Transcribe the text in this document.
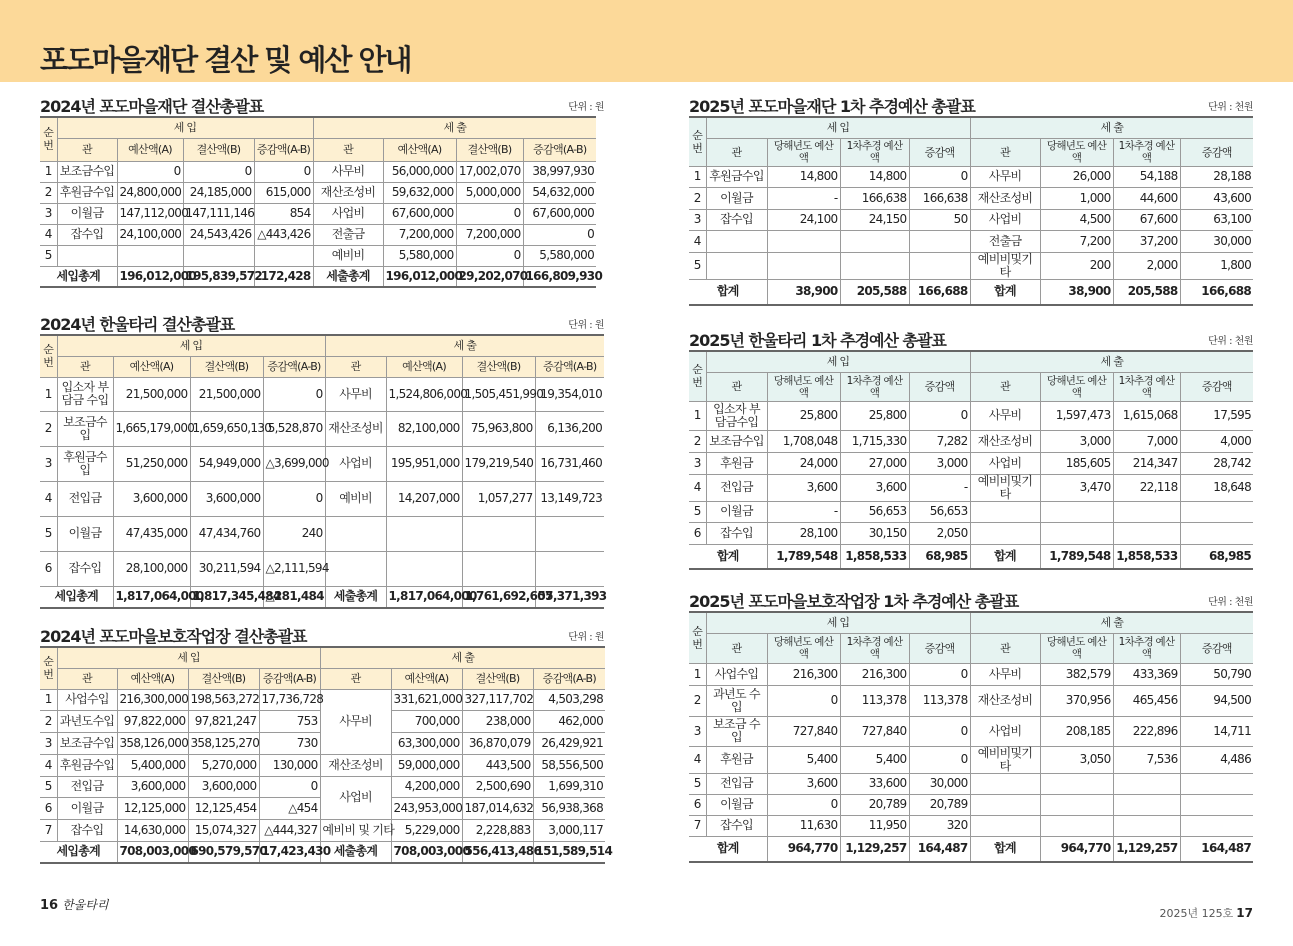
포도마을재단 결산 및 예산 안내
2024년 포도마을재단 결산총괄표	단위 : 원
순번	세 입				세 출			
	관	예산액(A)	결산액(B)	증감액(A-B)	관	예산액(A)	결산액(B)	증감액(A-B)
1	보조금수입	0	0	0	사무비	56,000,000	17,002,070	38,997,930
2	후원금수입	24,800,000	24,185,000	615,000	재산조성비	59,632,000	5,000,000	54,632,000
3	이월금	147,112,000	147,111,146	854	사업비	67,600,000	0	67,600,000
4	잡수입	24,100,000	24,543,426	△443,426	전출금	7,200,000	7,200,000	0
5					예비비	5,580,000	0	5,580,000
세입총계		196,012,000	195,839,572	172,428	세출총계	196,012,000	29,202,070	166,809,930
2024년 한울타리 결산총괄표	단위 : 원
순번	세 입				세 출			
	관	예산액(A)	결산액(B)	증감액(A-B)	관	예산액(A)	결산액(B)	증감액(A-B)
1	입소자 부담금 수입	21,500,000	21,500,000	0	사무비	1,524,806,000	1,505,451,990	19,354,010
2	보조금수입	1,665,179,000	1,659,650,130	5,528,870	재산조성비	82,100,000	75,963,800	6,136,200
3	후원금수입	51,250,000	54,949,000	△3,699,000	사업비	195,951,000	179,219,540	16,731,460
4	전입금	3,600,000	3,600,000	0	예비비	14,207,000	1,057,277	13,149,723
5	이월금	47,435,000	47,434,760	240				
6	잡수입	28,100,000	30,211,594	△2,111,594				
세입총계		1,817,064,000	1,817,345,484	△281,484	세출총계	1,817,064,000	1,761,692,607	55,371,393
2024년 포도마을보호작업장 결산총괄표	단위 : 원
순번	세 입				세 출			
	관	예산액(A)	결산액(B)	증감액(A-B)	관	예산액(A)	결산액(B)	증감액(A-B)
1	사업수입	216,300,000	198,563,272	17,736,728	사무비	331,621,000	327,117,702	4,503,298
2	과년도수입	97,822,000	97,821,247	753		700,000	238,000	462,000
3	보조금수입	358,126,000	358,125,270	730		63,300,000	36,870,079	26,429,921
4	후원금수입	5,400,000	5,270,000	130,000	재산조성비	59,000,000	443,500	58,556,500
5	전입금	3,600,000	3,600,000	0	사업비	4,200,000	2,500,690	1,699,310
6	이월금	12,125,000	12,125,454	△454		243,953,000	187,014,632	56,938,368
7	잡수입	14,630,000	15,074,327	△444,327	예비비 및 기타	5,229,000	2,228,883	3,000,117
세입총계		708,003,000	690,579,570	17,423,430	세출총계	708,003,000	556,413,486	151,589,514
2025년 포도마을재단 1차 추경예산 총괄표	단위 : 천원
순번	세 입				세 출			
	관	당해년도 예산액	1차추경 예산액	증감액	관	당해년도 예산액	1차추경 예산액	증감액
1	후원금수입	14,800	14,800	0	사무비	26,000	54,188	28,188
2	이월금	-	166,638	166,638	재산조성비	1,000	44,600	43,600
3	잡수입	24,100	24,150	50	사업비	4,500	67,600	63,100
4					전출금	7,200	37,200	30,000
5					예비비및기타	200	2,000	1,800
합계		38,900	205,588	166,688	합계	38,900	205,588	166,688
2025년 한울타리 1차 추경예산 총괄표	단위 : 천원
순번	세 입				세 출			
	관	당해년도 예산액	1차추경 예산액	증감액	관	당해년도 예산액	1차추경 예산액	증감액
1	입소자 부담금수입	25,800	25,800	0	사무비	1,597,473	1,615,068	17,595
2	보조금수입	1,708,048	1,715,330	7,282	재산조성비	3,000	7,000	4,000
3	후원금	24,000	27,000	3,000	사업비	185,605	214,347	28,742
4	전입금	3,600	3,600	-	예비비및기타	3,470	22,118	18,648
5	이월금	-	56,653	56,653				
6	잡수입	28,100	30,150	2,050				
합계		1,789,548	1,858,533	68,985	합계	1,789,548	1,858,533	68,985
2025년 포도마을보호작업장 1차 추경예산 총괄표	단위 : 천원
순번	세 입				세 출			
	관	당해년도 예산액	1차추경 예산액	증감액	관	당해년도 예산액	1차추경 예산액	증감액
1	사업수입	216,300	216,300	0	사무비	382,579	433,369	50,790
2	과년도 수입	0	113,378	113,378	재산조성비	370,956	465,456	94,500
3	보조금 수입	727,840	727,840	0	사업비	208,185	222,896	14,711
4	후원금	5,400	5,400	0	예비비및기타	3,050	7,536	4,486
5	전입금	3,600	33,600	30,000				
6	이월금	0	20,789	20,789				
7	잡수입	11,630	11,950	320				
합계		964,770	1,129,257	164,487	합계	964,770	1,129,257	164,487
16 한울타리
2025년 125호 17
